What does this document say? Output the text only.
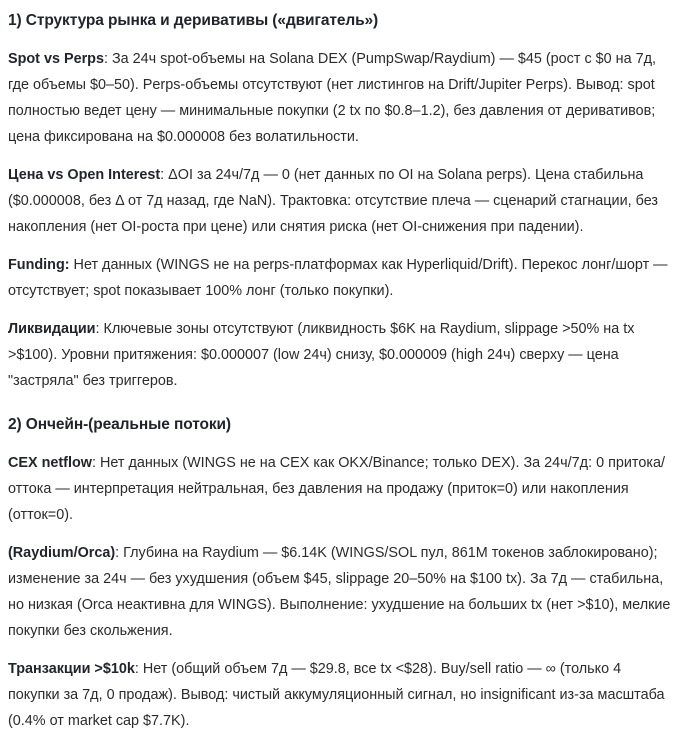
1) Структура рынка и деривативы («двигатель»)

Spot vs Perps: За 24ч spot-объемы на Solana DEX (PumpSwap/Raydium) — $45 (рост с $0 на 7д, где объемы $0–50). Perps-объемы отсутствуют (нет листингов на Drift/Jupiter Perps). Вывод: spot полностью ведет цену — минимальные покупки (2 tx по $0.8–1.2), без давления от деривативов; цена фиксирована на $0.000008 без волатильности.

Цена vs Open Interest: ΔOI за 24ч/7д — 0 (нет данных по OI на Solana perps). Цена стабильна ($0.000008, без Δ от 7д назад, где NaN). Трактовка: отсутствие плеча — сценарий стагнации, без накопления (нет OI-роста при цене) или снятия риска (нет OI-снижения при падении).

Funding: Нет данных (WINGS не на perps-платформах как Hyperliquid/Drift). Перекос лонг/шорт — отсутствует; spot показывает 100% лонг (только покупки).

Ликвидации: Ключевые зоны отсутствуют (ликвидность $6K на Raydium, slippage >50% на tx >$100). Уровни притяжения: $0.000007 (low 24ч) снизу, $0.000009 (high 24ч) сверху — цена "застряла" без триггеров.

2) Ончейн-(реальные потоки)

CEX netflow: Нет данных (WINGS не на CEX как OKX/Binance; только DEX). За 24ч/7д: 0 притока/оттока — интерпретация нейтральная, без давления на продажу (приток=0) или накопления (отток=0).

(Raydium/Orca): Глубина на Raydium — $6.14K (WINGS/SOL пул, 861M токенов заблокировано); изменение за 24ч — без ухудшения (объем $45, slippage 20–50% на $100 tx). За 7д — стабильна, но низкая (Orca неактивна для WINGS). Выполнение: ухудшение на больших tx (нет >$10), мелкие покупки без скольжения.

Транзакции >$10k: Нет (общий объем 7д — $29.8, все tx <$28). Buy/sell ratio — ∞ (только 4 покупки за 7д, 0 продаж). Вывод: чистый аккумуляционный сигнал, но insignificant из-за масштаба (0.4% от market cap $7.7K).
